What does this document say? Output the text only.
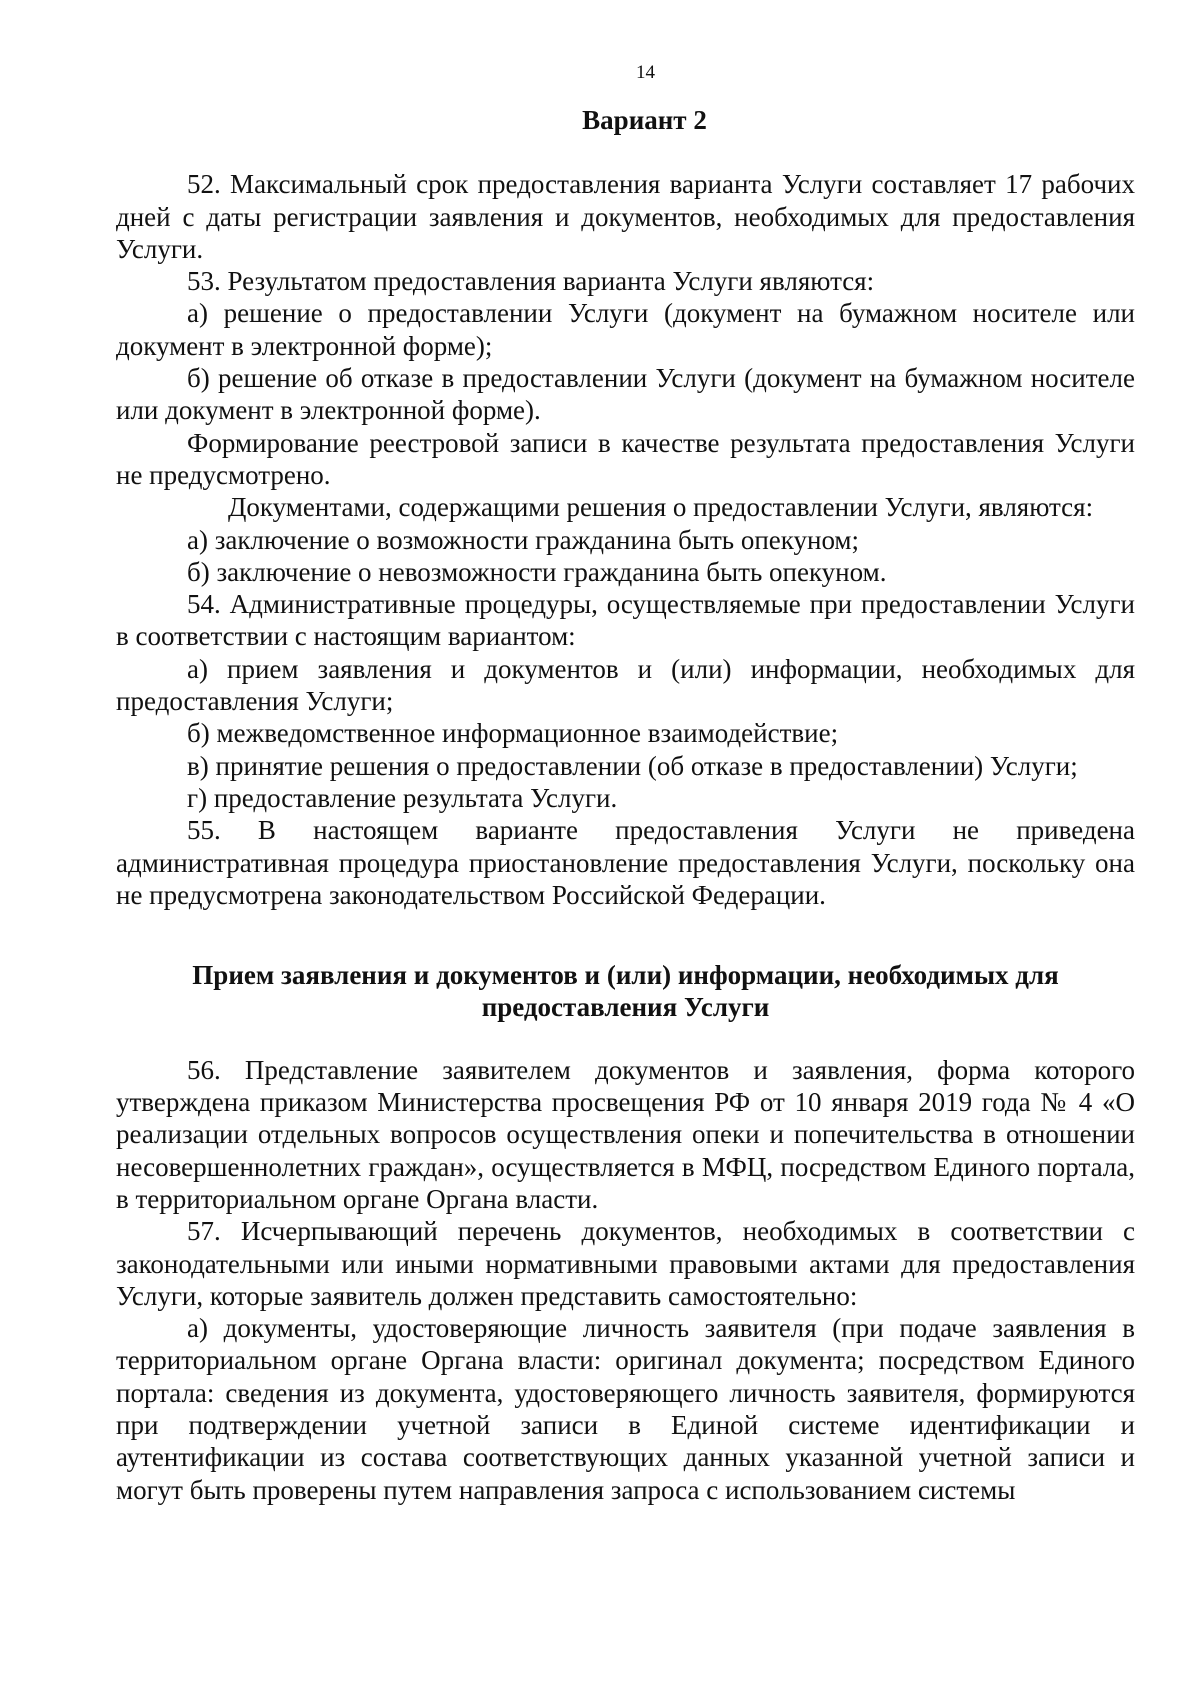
14
Вариант 2

52. Максимальный срок предоставления варианта Услуги составляет 17 рабочих дней с даты регистрации заявления и документов, необходимых для предоставления Услуги.

53. Результатом предоставления варианта Услуги являются:

а) решение о предоставлении Услуги (документ на бумажном носителе или документ в электронной форме);

б) решение об отказе в предоставлении Услуги (документ на бумажном носителе или документ в электронной форме).

Формирование реестровой записи в качестве результата предоставления Услуги не предусмотрено.

Документами, содержащими решения о предоставлении Услуги, являются:

а) заключение о возможности гражданина быть опекуном;

б) заключение о невозможности гражданина быть опекуном.

54. Административные процедуры, осуществляемые при предоставлении Услуги в соответствии с настоящим вариантом:

а) прием заявления и документов и (или) информации, необходимых для предоставления Услуги;

б) межведомственное информационное взаимодействие;

в) принятие решения о предоставлении (об отказе в предоставлении) Услуги;

г) предоставление результата Услуги.

55. В настоящем варианте предоставления Услуги не приведена административная процедура приостановление предоставления Услуги, поскольку она не предусмотрена законодательством Российской Федерации.

Прием заявления и документов и (или) информации, необходимых для предоставления Услуги

56. Представление заявителем документов и заявления, форма которого утверждена приказом Министерства просвещения РФ от 10 января 2019 года № 4 «О реализации отдельных вопросов осуществления опеки и попечительства в отношении несовершеннолетних граждан», осуществляется в МФЦ, посредством Единого портала, в территориальном органе Органа власти.

57. Исчерпывающий перечень документов, необходимых в соответствии с законодательными или иными нормативными правовыми актами для предоставления Услуги, которые заявитель должен представить самостоятельно:

а) документы, удостоверяющие личность заявителя (при подаче заявления в территориальном органе Органа власти: оригинал документа; посредством Единого портала: сведения из документа, удостоверяющего личность заявителя, формируются при подтверждении учетной записи в Единой системе идентификации и аутентификации из состава соответствующих данных указанной учетной записи и могут быть проверены путем направления запроса с использованием системы
